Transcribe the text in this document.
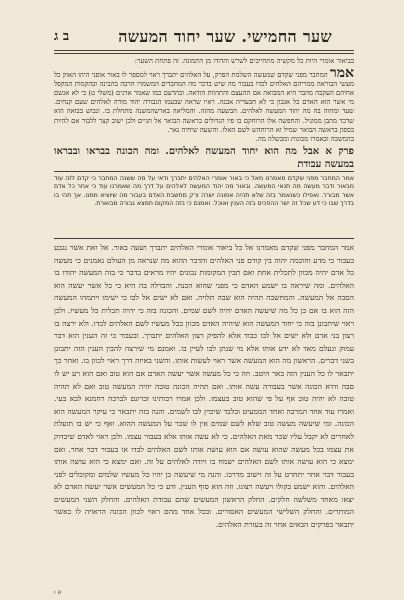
שער החמישי. שער יחוד המעשה
ב ג

בביאור אומרי היות כל מקשיה מתחייבים לשרש והדודו מן התמונה. זה פתחת השער:

אמר המחבר מפני שקדם שמעשה השלמת הפרק, על האלהים יתברך ראוי למספר לו באור אופני היהו האוק כל מעשי הבוראה ממריהם האלהים לכדו בעבור מה שיש בדבר מה המחבדים המשמרו הרבה בהבינה ובהקמות המקפל אחיהם העקבה מהבר היא המבואה אם ההעצם והתהוות הודאה. ובהדעם כמו שאמר אדנים (משלי ט) כי לא אגשם מי אשר הוא האדם כל אגבון כי לא חבעריה אבנה. ראיו שראה שבעמו הגבורה יהוד מודה לאלהים שעם קנחים. שעד ומחוה בה מה יהוד המעשה לאלהים. הבשעה מהזה. והמליאה בארשהמשנה מתחלת בו. ונבוש בבואה הוא שדכד מהבן ממוניל. והחפשה אלו הרוחקם בו פיו הגדולים בראשה הבואר אל הגיים ולכן ישוב קצר ללבור אם להיות בספון בראשה הבואר שמיל וא הרוחהש לשם האלו. והשעה שיחיה נאר.

בהמשכה ובאמרו מכונות ומבשלה מה.

פרק א אבל מה הוא יחוד המעשה לאלהים. ומה הכונה בבראו ובבראו במעשה עבודת

אמר המחבר מפני שקדם מאמרנו מאל כי באור אומרי האלהים יתברך ודאי על מה ששנה המחבר כי קדם לזה עוד מבאור ודבר מעשה מה תנאי המעשה. ובאור מה יהוד המעשה לאלהים על דרך מה שאמרנו עוד כי אחר כל אדם אשר מבורר. ואפילו כשנאמר בזה שלא תהיה אמונה ישרה ורק מחשבת האדם בעבור מה שיוציא ממנו. אך תהי בו בדרך שבו כי דע שכל זה ישר ההפכים בזה הענין ואוכל. ואמנם כי בזה המקום תמצא גבורה מבוארת.

אמר המחבר מפני שקדם מאמרנו אל כל ביאור אומרי האלהים יתברך ושעה באור. אל ואת אשר נגבע בעבור כי מדע וחוכמה יהוה בין קודם פני האלהים והדבר ההוא מה שנראה מן העולם נאמנים כי מעשה כל אדם יהיה מכוון לתכלית אחת ואם תבין המקומות נכונים יהיו מראים בדבר כי בזה המעשה יהודו בו האלהים. ומה שיראה בו ישמע האדם כי מפני שהוא הכנה. והבדלה בה היא כי כל אשר יעשה הוא הסבה אל המעשה. והמחשבה תהיה הוא שבה תלויה. ואם לא ישים אל לבו כי ישימו ויתמהו המעשה הזה הוא בו אם כן כל מה שיעשה האדם יהיה לשם שמים. והכונה בזה כי יהיה תכלית כל מעשיו. ולכן ראוי שיתבונן בזה כי יחוד המעשה הוא שיהיה האדם מכוון בכל מעשיו לשם האלהים לבדו. ולא ירצה בו רצון בני אדם ולא ישים אל לבו כבוד אלא להפיק רצון האלהים יתברך. ובעבור כי זה הענין הוא דבר עמוק ונעלם מאד לא ידע אותו אלא מי שנתן לבו לעיין בו. ואמנם מי שירצה להבין הענין הזה יתבונן בשני דברים. הראשון מה הוא המעשה אשר ראוי לעשות אותו. והשני באיזה דרך ראוי לכוון בו. ואחר כך יתבאר לו כל הענין הזה באר היטב. וזה כי כל מעשה אשר יעשה האדם אם הוא טוב ואם הוא רע יש לו סבה והיא הכונה אשר בעבורה עשה אותו. ואם תהיה הכונה טובה יהיה המעשה טוב ואם לא תהיה טובה לא יהיה טוב אף על פי שהוא טוב בעצמו. ולכן אמרו רבותינו זכרונם לברכה רחמנא לבא בעי. ואמרו עוד אחד המרבה ואחד הממעיט ובלבד שיכוין לבו לשמים. והנה בזה יתבאר כי עיקר המעשה הוא הכונה. ומי שיעשה מעשה טוב שלא לשם שמים אין לו שכר על המעשה ההוא. ואף כי יש בו תועלת לאחרים לא יקבל עליו שכר מאת האלהים. כי לא עשה אותו אלא בעבור עצמו. ולכן ראוי לאדם שיבדוק את עצמו בכל מעשה שהוא עושה אם הוא עושה אותו לשם האלהים לבדו או בעבור דבר אחר. ואם ימצא כי הוא עושה אותו לשם האלהים ישמח בו ויודה לאלהים על זה. ואם ימצא כי הוא עושה אותו בעבור דבר אחר יתחרט על זה וישוב מדרכו. והנה מי שיעשה כן יהיו כל מעשיו שלמים ומקובלים לפני האלהים. והוא ישמע בקולו ויעשה רצונו. וזה הוא סוף הענין. ודע כי כל המעשים אשר יעשה האדם לא יצאו מאחד משלשה חלקים. החלק הראשון המעשים שהם עבודת האלהים. והחלק השני המעשים המותרים. והחלק השלישי המעשים האסורים. ובכל אחד מהם ראוי לכוון הכונה הראויה לו כאשר יתבאר בפרקים הבאים אחר זה בעזרת האלהים.

א ו
